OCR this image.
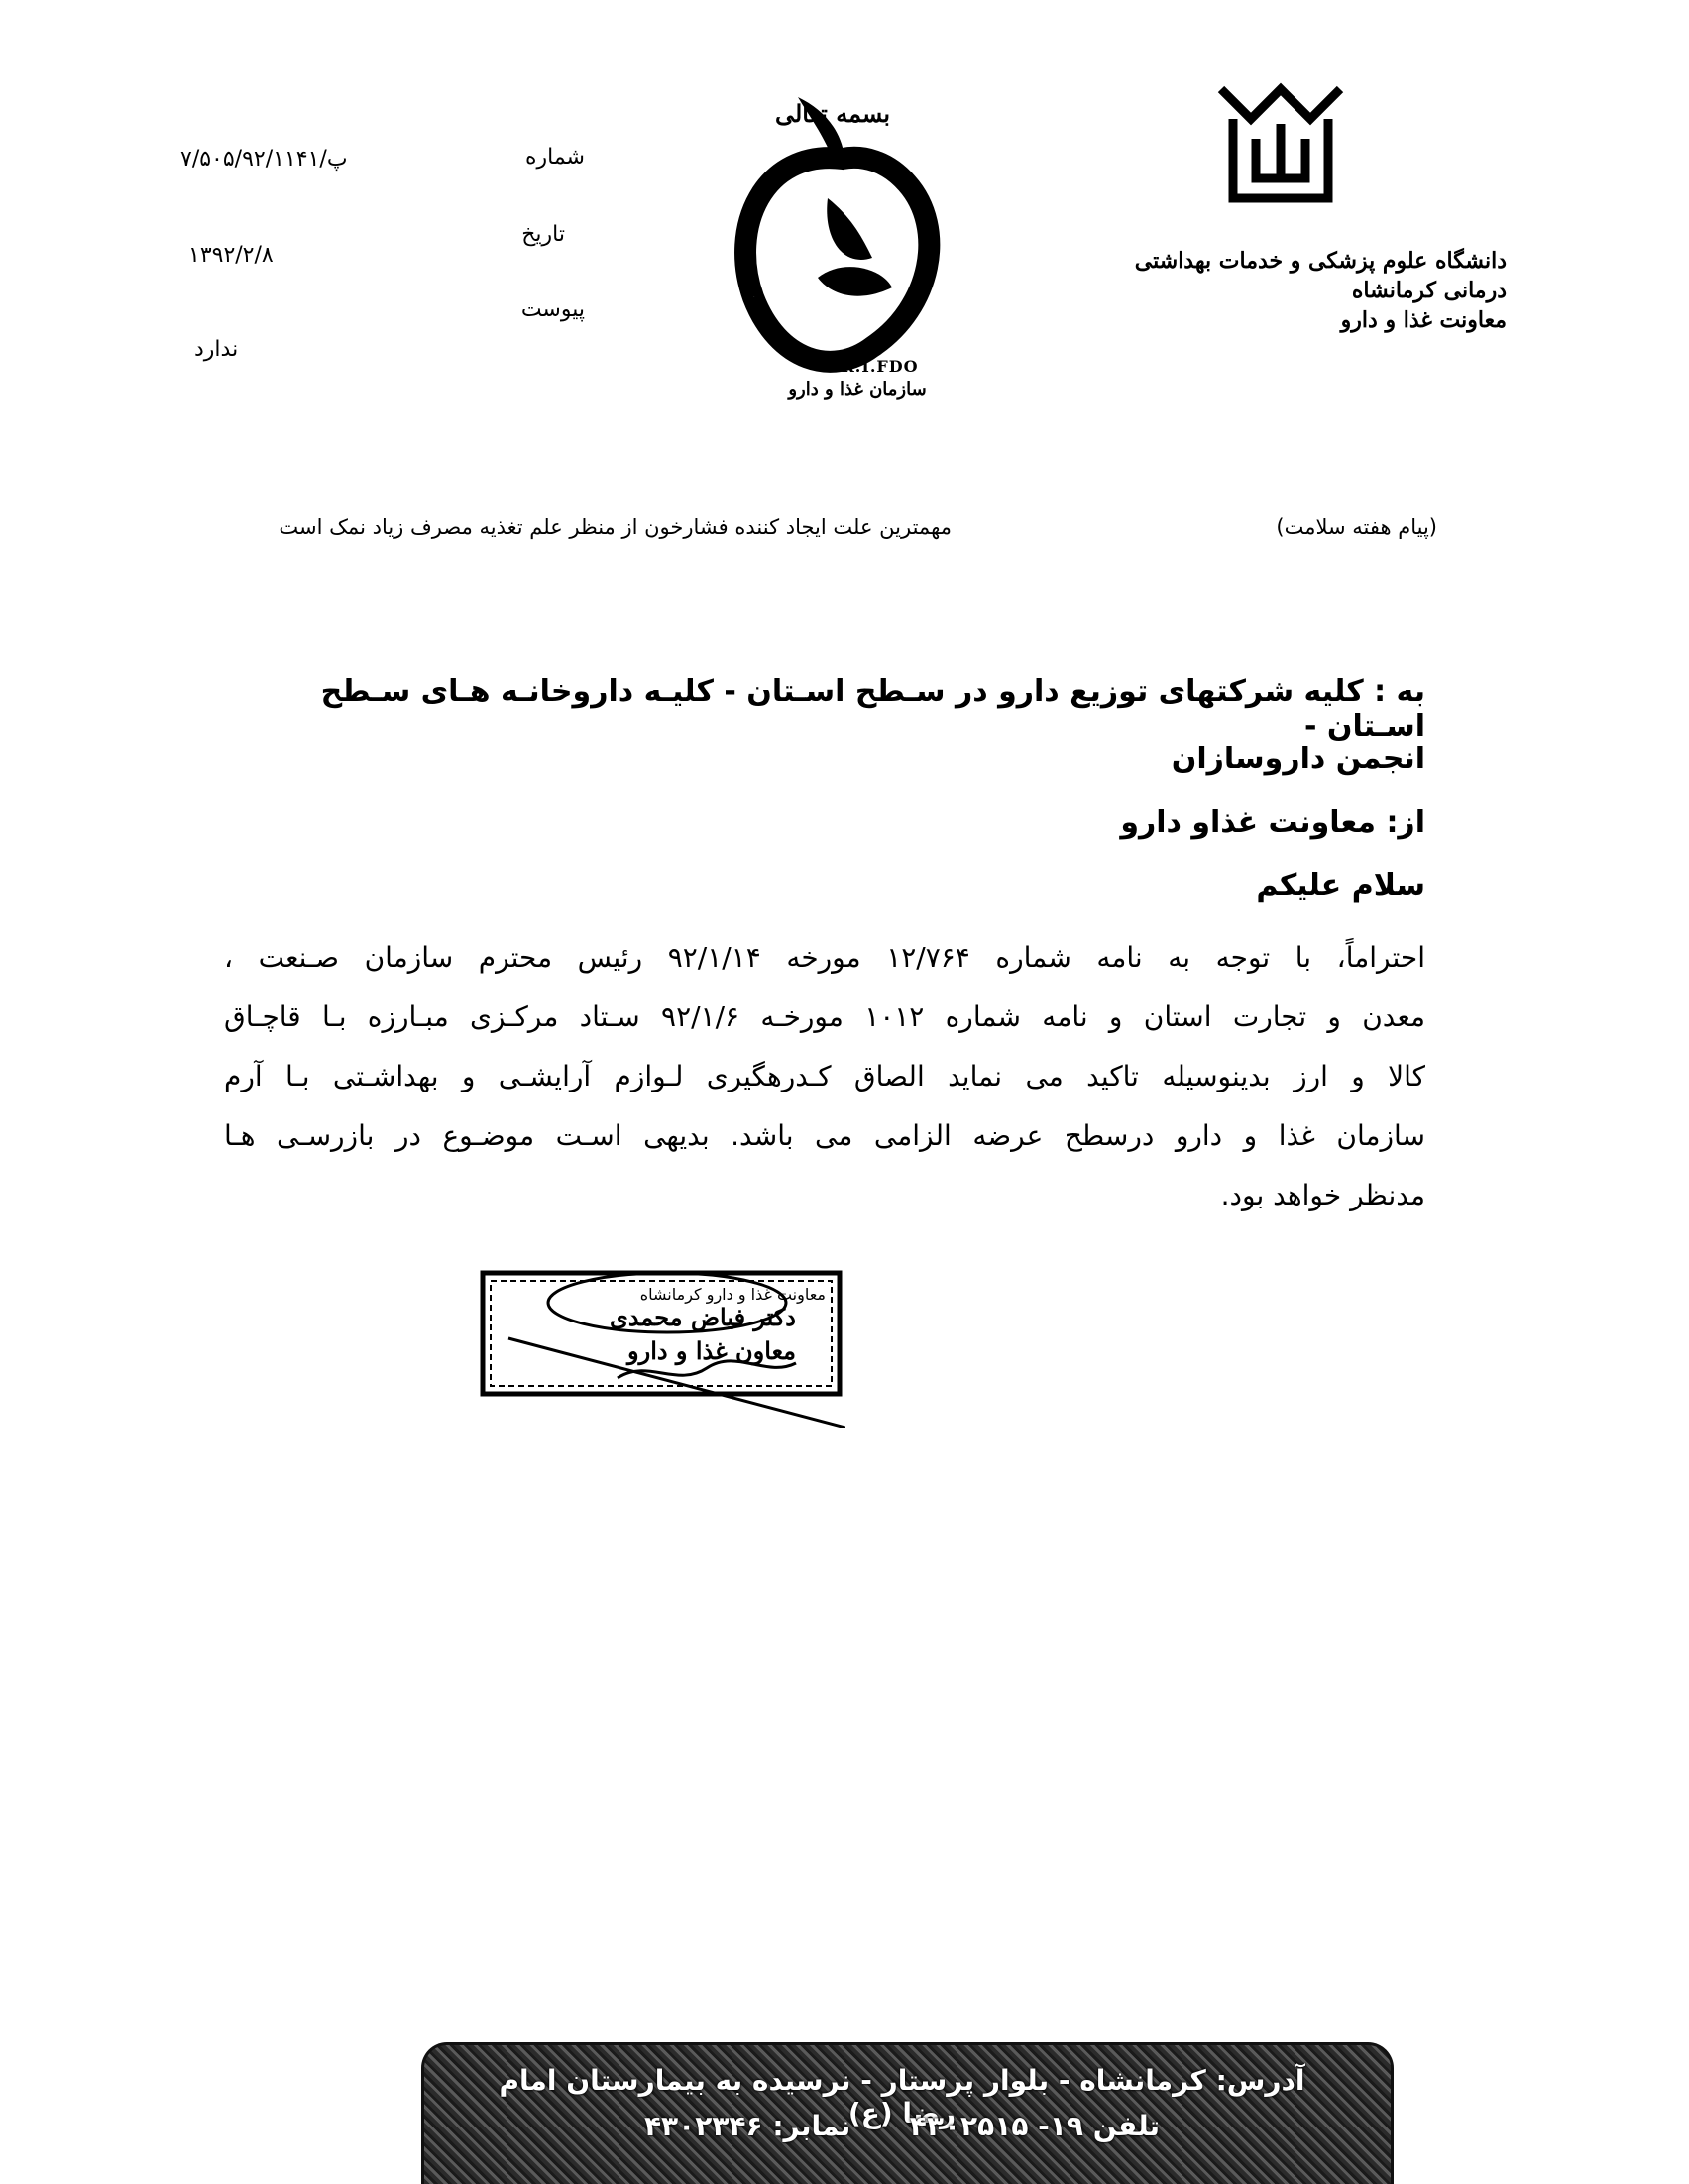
دانشگاه علوم پزشکی و خدمات بهداشتی درمانی کرمانشاه
معاونت غذا و دارو
بسمه تعالی
I.R.I.FDO
سازمان غذا و دارو
شماره
تاریخ
پیوست
۷/۵۰۵/۹۲/۱۱۴۱/پ
۱۳۹۲/۲/۸
ندارد
(پیام هفته سلامت)
مهمترین علت ایجاد کننده فشارخون از منظر علم تغذیه مصرف زیاد نمک است
به : کلیه شرکتهای توزیع دارو در سـطح اسـتان - کلیـه داروخانـه هـای سـطح اسـتان -
انجمن داروسازان
از: معاونت غذاو دارو
سلام علیکم
احتراماً، با توجه به نامه شماره ۱۲/۷۶۴ مورخه ۹۲/۱/۱۴ رئیس محترم سازمان صـنعت ،
معدن و تجارت استان و نامه شماره ۱۰۱۲ مورخـه ۹۲/۱/۶ سـتاد مرکـزی مبـارزه بـا قاچـاق
کالا و ارز بدینوسیله تاکید می نماید الصاق کـدرهگیری لـوازم آرایشـی و بهداشـتی بـا آرم
سازمان غذا و دارو درسطح عرضه الزامی می باشد. بدیهی اسـت موضـوع در بازرسـی هـا
مدنظر خواهد بود.
معاونت غذا و دارو کرمانشاه
دکتر فیاض محمدی
معاون غذا و دارو
آدرس: کرمانشاه - بلوار پرستار - نرسیده به بیمارستان امام رضا (ع)
تلفن ۱۹- ۴۳۰۲۵۱۵  نمابر: ۴۳۰۲۳۴۶
